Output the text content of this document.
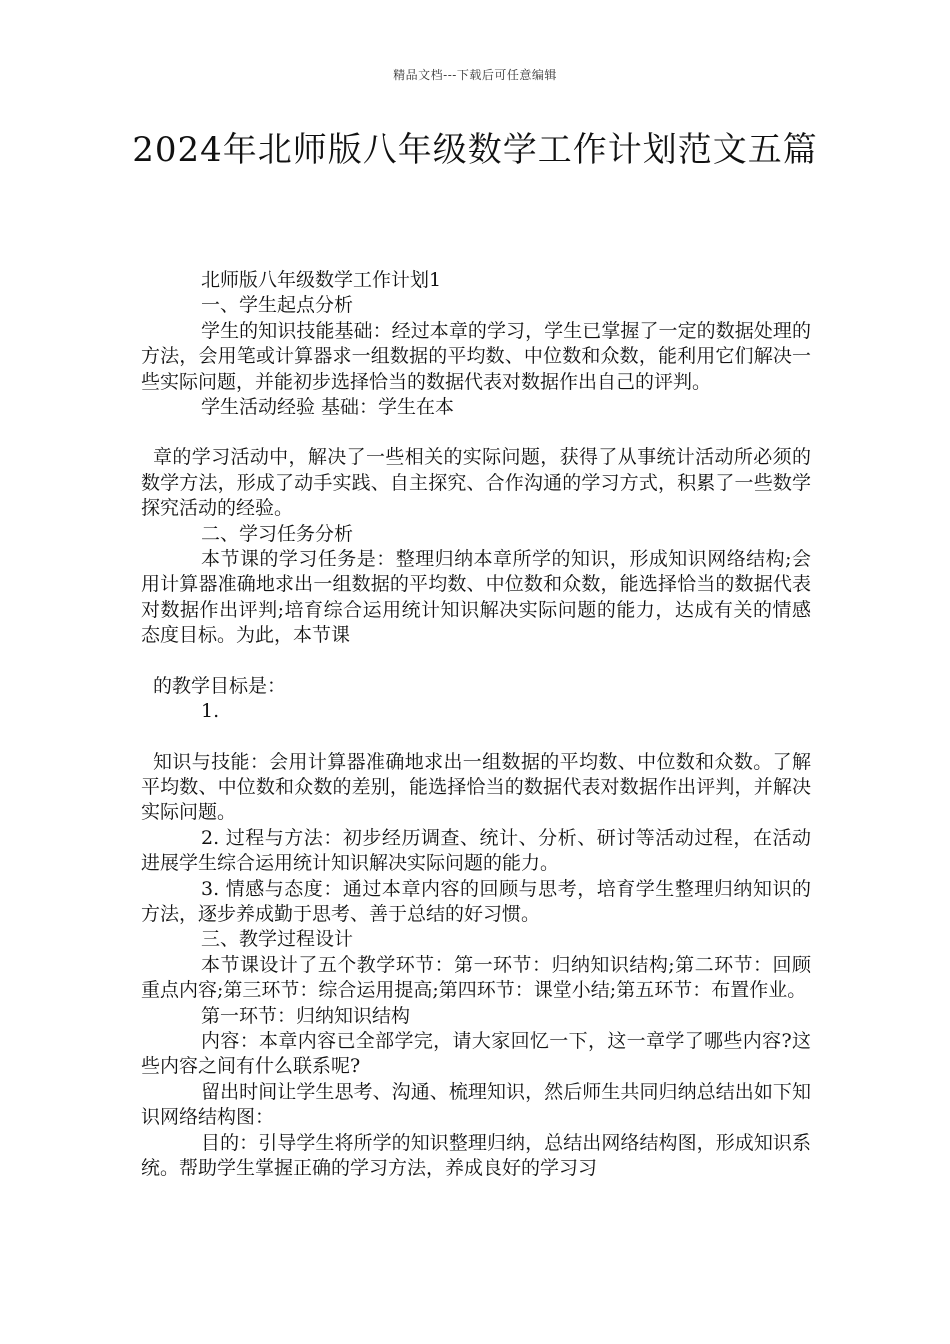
精品文档---下载后可任意编辑
2024年北师版八年级数学工作计划范文五篇

北师版八年级数学工作计划1

一、学生起点分析

学生的知识技能基础：经过本章的学习，学生已掌握了一定的数据处理的方法，会用笔或计算器求一组数据的平均数、中位数和众数，能利用它们解决一些实际问题，并能初步选择恰当的数据代表对数据作出自己的评判。

学生活动经验 基础：学生在本

章的学习活动中，解决了一些相关的实际问题，获得了从事统计活动所必须的数学方法，形成了动手实践、自主探究、合作沟通的学习方式，积累了一些数学探究活动的经验。

二、学习任务分析

本节课的学习任务是：整理归纳本章所学的知识，形成知识网络结构;会用计算器准确地求出一组数据的平均数、中位数和众数，能选择恰当的数据代表对数据作出评判;培育综合运用统计知识解决实际问题的能力，达成有关的情感态度目标。为此，本节课

的教学目标是：

1.

知识与技能：会用计算器准确地求出一组数据的平均数、中位数和众数。了解平均数、中位数和众数的差别，能选择恰当的数据代表对数据作出评判，并解决实际问题。

2. 过程与方法：初步经历调查、统计、分析、研讨等活动过程，在活动进展学生综合运用统计知识解决实际问题的能力。

3. 情感与态度：通过本章内容的回顾与思考，培育学生整理归纳知识的方法，逐步养成勤于思考、善于总结的好习惯。

三、教学过程设计

本节课设计了五个教学环节：第一环节：归纳知识结构;第二环节：回顾重点内容;第三环节：综合运用提高;第四环节：课堂小结;第五环节：布置作业。

第一环节：归纳知识结构

内容：本章内容已全部学完，请大家回忆一下，这一章学了哪些内容?这些内容之间有什么联系呢?

留出时间让学生思考、沟通、梳理知识，然后师生共同归纳总结出如下知识网络结构图：

目的：引导学生将所学的知识整理归纳，总结出网络结构图，形成知识系统。帮助学生掌握正确的学习方法，养成良好的学习习
